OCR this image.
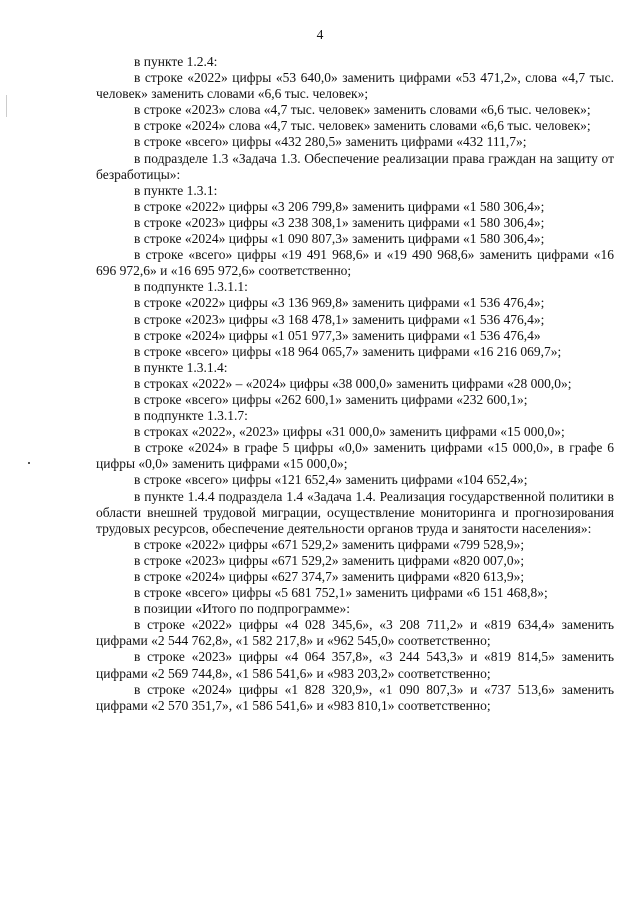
4

в пункте 1.2.4:

в строке «2022» цифры «53 640,0» заменить цифрами «53 471,2», слова «4,7 тыс. человек» заменить словами «6,6 тыс. человек»;

в строке «2023» слова «4,7 тыс. человек» заменить словами «6,6 тыс. человек»;

в строке «2024» слова «4,7 тыс. человек» заменить словами «6,6 тыс. человек»;

в строке «всего» цифры «432 280,5» заменить цифрами «432 111,7»;

в подразделе 1.3 «Задача 1.3. Обеспечение реализации права граждан на защиту от безработицы»:

в пункте 1.3.1:

в строке «2022» цифры «3 206 799,8» заменить цифрами «1 580 306,4»;

в строке «2023» цифры «3 238 308,1» заменить цифрами «1 580 306,4»;

в строке «2024» цифры «1 090 807,3» заменить цифрами «1 580 306,4»;

в строке «всего» цифры «19 491 968,6» и «19 490 968,6» заменить цифрами «16 696 972,6» и «16 695 972,6» соответственно;

в подпункте 1.3.1.1:

в строке «2022» цифры «3 136 969,8» заменить цифрами «1 536 476,4»;

в строке «2023» цифры «3 168 478,1» заменить цифрами «1 536 476,4»;

в строке «2024» цифры «1 051 977,3» заменить цифрами «1 536 476,4»

в строке «всего» цифры «18 964 065,7» заменить цифрами «16 216 069,7»;

в пункте 1.3.1.4:

в строках «2022» – «2024» цифры «38 000,0» заменить цифрами «28 000,0»;

в строке «всего» цифры «262 600,1» заменить цифрами «232 600,1»;

в подпункте 1.3.1.7:

в строках «2022», «2023» цифры «31 000,0» заменить цифрами «15 000,0»;

в строке «2024» в графе 5 цифры «0,0» заменить цифрами «15 000,0», в графе 6 цифры «0,0» заменить цифрами «15 000,0»;

в строке «всего» цифры «121 652,4» заменить цифрами «104 652,4»;

в пункте 1.4.4 подраздела 1.4 «Задача 1.4. Реализация государственной политики в области внешней трудовой миграции, осуществление мониторинга и прогнозирования трудовых ресурсов, обеспечение деятельности органов труда и занятости населения»:

в строке «2022» цифры «671 529,2» заменить цифрами «799 528,9»;

в строке «2023» цифры «671 529,2» заменить цифрами «820 007,0»;

в строке «2024» цифры «627 374,7» заменить цифрами «820 613,9»;

в строке «всего» цифры «5 681 752,1» заменить цифрами «6 151 468,8»;

в позиции «Итого по подпрограмме»:

в строке «2022» цифры «4 028 345,6», «3 208 711,2» и «819 634,4» заменить цифрами «2 544 762,8», «1 582 217,8» и «962 545,0» соответственно;

в строке «2023» цифры «4 064 357,8», «3 244 543,3» и «819 814,5» заменить цифрами «2 569 744,8», «1 586 541,6» и «983 203,2» соответственно;

в строке «2024» цифры «1 828 320,9», «1 090 807,3» и «737 513,6» заменить цифрами «2 570 351,7», «1 586 541,6» и «983 810,1» соответственно;
